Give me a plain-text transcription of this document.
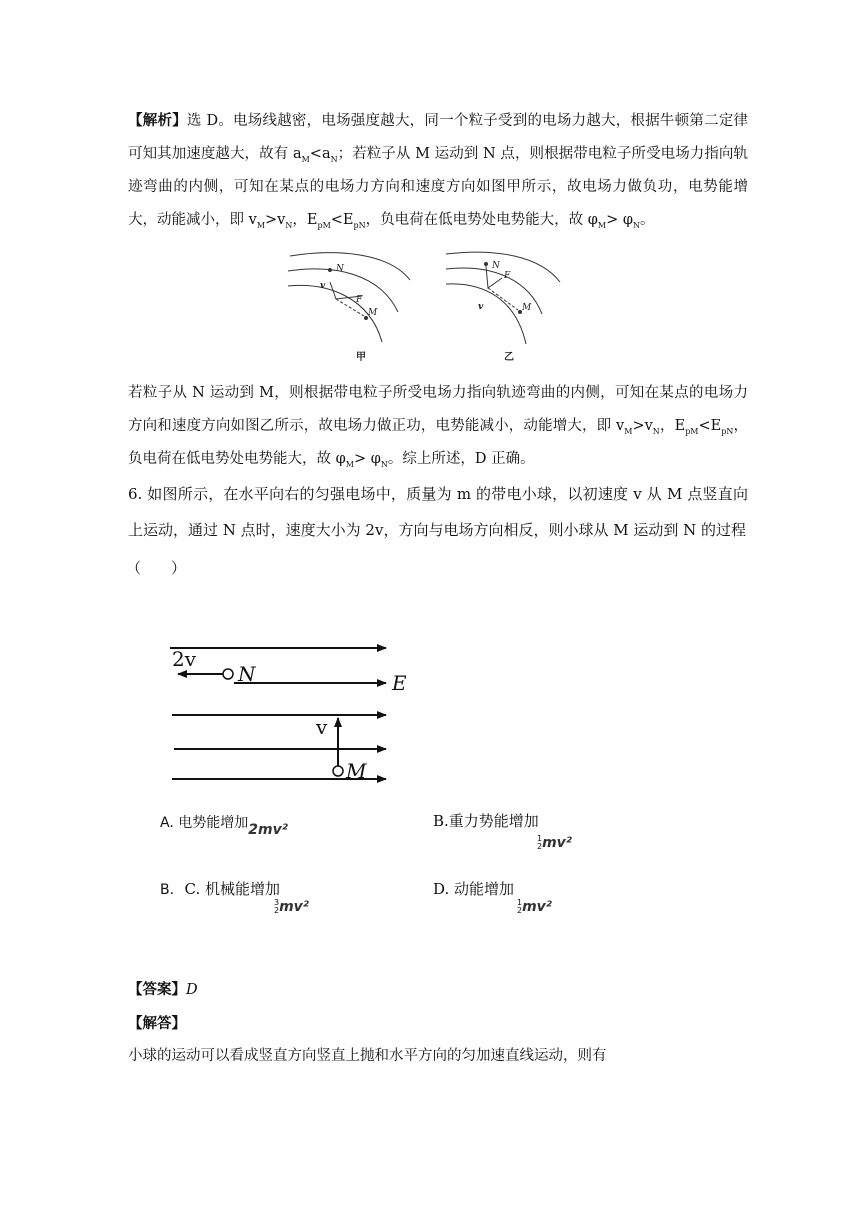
【解析】选 D。电场线越密，电场强度越大，同一个粒子受到的电场力越大，根据牛顿第二定律可知其加速度越大，故有 $a_M<a_N$；若粒子从 M 运动到 N 点，则根据带电粒子所受电场力指向轨迹弯曲的内侧，可知在某点的电场力方向和速度方向如图甲所示，故电场力做负功，电势能增大，动能减小，即 $v_M>v_N$，$E_{pM}<E_{pN}$，负电荷在低电势处电势能大，故 $\varphi_M> \varphi_N$。
N
v
F
M
N
F
v	M
甲	乙
若粒子从 N 运动到 M，则根据带电粒子所受电场力指向轨迹弯曲的内侧，可知在某点的电场力方向和速度方向如图乙所示，故电场力做正功，电势能减小，动能增大，即 $v_M>v_N$，$E_{pM}<E_{pN}$，负电荷在低电势处电势能大，故 $\varphi_M> \varphi_N$。综上所述，D 正确。
6. 如图所示，在水平向右的匀强电场中，质量为 m 的带电小球，以初速度 v 从 M 点竖直向上运动，通过 N 点时，速度大小为 2v，方向与电场方向相反，则小球从 M 运动到 N 的过程
（　　）
2v
N	E
v
M
A. 电势能增加2mv²	B.重力势能增加

1
2 mv²
B. C. 机械能增加

3
2 mv²
D. 动能增加

1
2 mv²
【答案】D
【解答】
小球的运动可以看成竖直方向竖直上抛和水平方向的匀加速直线运动，则有
